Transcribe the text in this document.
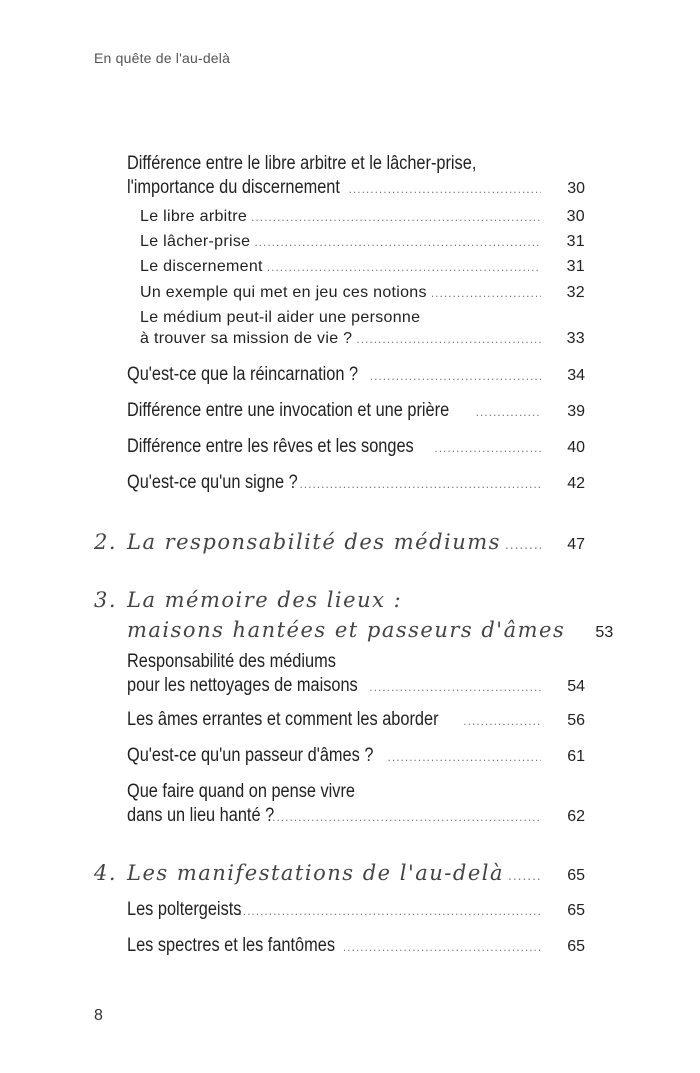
En quête de l'au-delà
Différence entre le libre arbitre et le lâcher-prise,
l'importance du discernement .....	30
Le libre arbitre .....	30
Le lâcher-prise .....	31
Le discernement .....	31
Un exemple qui met en jeu ces notions .....	32
Le médium peut-il aider une personne
à trouver sa mission de vie ? .....	33
Qu'est-ce que la réincarnation ? .....	34
Différence entre une invocation et une prière .....	39
Différence entre les rêves et les songes .....	40
Qu'est-ce qu'un signe ? .....	42
2. La responsabilité des médiums .....	47
3. La mémoire des lieux :
maisons hantées et passeurs d'âmes	53
Responsabilité des médiums
pour les nettoyages de maisons .....	54
Les âmes errantes et comment les aborder .....	56
Qu'est-ce qu'un passeur d'âmes ? .....	61
Que faire quand on pense vivre
dans un lieu hanté ? .....	62
4. Les manifestations de l'au-delà .....	65
Les poltergeists .....	65
Les spectres et les fantômes .....	65
8
